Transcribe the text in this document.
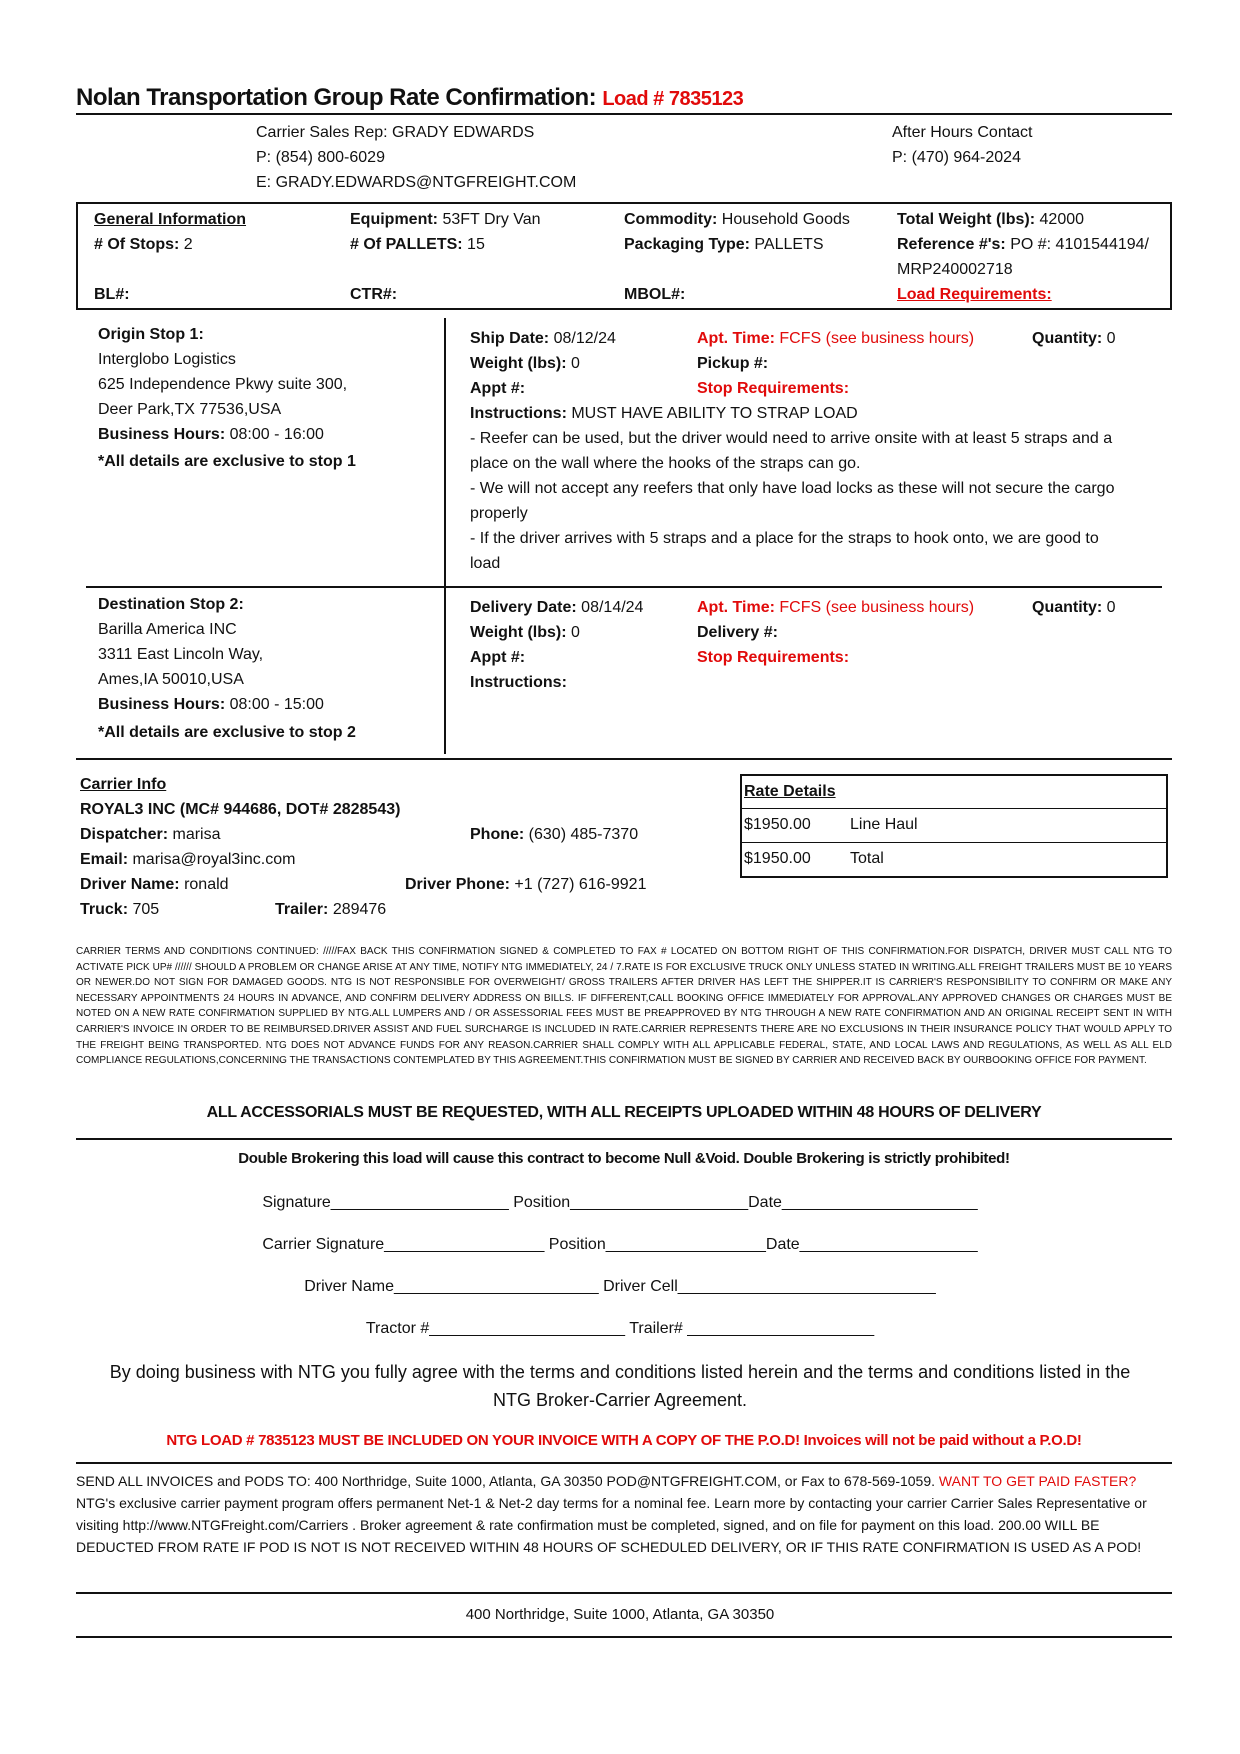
Nolan Transportation Group Rate Confirmation: Load # 7835123
Carrier Sales Rep: GRADY EDWARDS
P: (854) 800-6029
E: GRADY.EDWARDS@NTGFREIGHT.COM
After Hours Contact
P: (470) 964-2024
General Information
# Of Stops: 2
BL#:
Equipment: 53FT Dry Van
# Of PALLETS: 15
CTR#:
Commodity: Household Goods
Packaging Type: PALLETS
MBOL#:
Total Weight (lbs): 42000
Reference #'s: PO #: 4101544194/
MRP240002718
Load Requirements:
Origin Stop 1:
Interglobo Logistics
625 Independence Pkwy suite 300,
Deer Park,TX 77536,USA
Business Hours: 08:00 - 16:00
*All details are exclusive to stop 1
Ship Date: 08/12/24
Weight (lbs): 0
Appt #:
Instructions: MUST HAVE ABILITY TO STRAP LOAD
- Reefer can be used, but the driver would need to arrive onsite with at least 5 straps and a
place on the wall where the hooks of the straps can go.
- We will not accept any reefers that only have load locks as these will not secure the cargo
properly
- If the driver arrives with 5 straps and a place for the straps to hook onto, we are good to
load
Apt. Time: FCFS (see business hours)
Pickup #:
Stop Requirements:
Quantity: 0
Destination Stop 2:
Barilla America INC
3311 East Lincoln Way,
Ames,IA 50010,USA
Business Hours: 08:00 - 15:00
*All details are exclusive to stop 2
Delivery Date: 08/14/24
Weight (lbs): 0
Appt #:
Instructions:
Apt. Time: FCFS (see business hours)
Delivery #:
Stop Requirements:
Quantity: 0
Carrier Info
ROYAL3 INC (MC# 944686, DOT# 2828543)
Dispatcher: marisa
Email: marisa@royal3inc.com
Driver Name: ronald
Truck: 705
Phone: (630) 485-7370
Driver Phone: +1 (727) 616-9921
Trailer: 289476
Rate Details
$1950.00 Line Haul
$1950.00 Total
CARRIER TERMS AND CONDITIONS CONTINUED: /////FAX BACK THIS CONFIRMATION SIGNED & COMPLETED TO FAX # LOCATED ON BOTTOM RIGHT OF THIS CONFIRMATION.FOR DISPATCH, DRIVER MUST CALL NTG TO ACTIVATE PICK UP# ////// SHOULD A PROBLEM OR CHANGE ARISE AT ANY TIME, NOTIFY NTG IMMEDIATELY, 24 / 7.RATE IS FOR EXCLUSIVE TRUCK ONLY UNLESS STATED IN WRITING.ALL FREIGHT TRAILERS MUST BE 10 YEARS OR NEWER.DO NOT SIGN FOR DAMAGED GOODS. NTG IS NOT RESPONSIBLE FOR OVERWEIGHT/ GROSS TRAILERS AFTER DRIVER HAS LEFT THE SHIPPER.IT IS CARRIER'S RESPONSIBILITY TO CONFIRM OR MAKE ANY NECESSARY APPOINTMENTS 24 HOURS IN ADVANCE, AND CONFIRM DELIVERY ADDRESS ON BILLS. IF DIFFERENT,CALL BOOKING OFFICE IMMEDIATELY FOR APPROVAL.ANY APPROVED CHANGES OR CHARGES MUST BE NOTED ON A NEW RATE CONFIRMATION SUPPLIED BY NTG.ALL LUMPERS AND / OR ASSESSORIAL FEES MUST BE PREAPPROVED BY NTG THROUGH A NEW RATE CONFIRMATION AND AN ORIGINAL RECEIPT SENT IN WITH CARRIER'S INVOICE IN ORDER TO BE REIMBURSED.DRIVER ASSIST AND FUEL SURCHARGE IS INCLUDED IN RATE.CARRIER REPRESENTS THERE ARE NO EXCLUSIONS IN THEIR INSURANCE POLICY THAT WOULD APPLY TO THE FREIGHT BEING TRANSPORTED. NTG DOES NOT ADVANCE FUNDS FOR ANY REASON.CARRIER SHALL COMPLY WITH ALL APPLICABLE FEDERAL, STATE, AND LOCAL LAWS AND REGULATIONS, AS WELL AS ALL ELD COMPLIANCE REGULATIONS,CONCERNING THE TRANSACTIONS CONTEMPLATED BY THIS AGREEMENT.THIS CONFIRMATION MUST BE SIGNED BY CARRIER AND RECEIVED BACK BY OURBOOKING OFFICE FOR PAYMENT.
ALL ACCESSORIALS MUST BE REQUESTED, WITH ALL RECEIPTS UPLOADED WITHIN 48 HOURS OF DELIVERY
Double Brokering this load will cause this contract to become Null &Void. Double Brokering is strictly prohibited!
Signature____________________ Position____________________Date______________________
Carrier Signature__________________ Position__________________Date____________________
Driver Name_______________________ Driver Cell_____________________________
Tractor #______________________ Trailer# _____________________
By doing business with NTG you fully agree with the terms and conditions listed herein and the terms and conditions listed in the
NTG Broker-Carrier Agreement.
NTG LOAD # 7835123 MUST BE INCLUDED ON YOUR INVOICE WITH A COPY OF THE P.O.D! Invoices will not be paid without a P.O.D!
SEND ALL INVOICES and PODS TO: 400 Northridge, Suite 1000, Atlanta, GA 30350 POD@NTGFREIGHT.COM, or Fax to 678-569-1059. WANT TO GET PAID FASTER? NTG's exclusive carrier payment program offers permanent Net-1 & Net-2 day terms for a nominal fee. Learn more by contacting your carrier Carrier Sales Representative or visiting http://www.NTGFreight.com/Carriers . Broker agreement & rate confirmation must be completed, signed, and on file for payment on this load. 200.00 WILL BE DEDUCTED FROM RATE IF POD IS NOT IS NOT RECEIVED WITHIN 48 HOURS OF SCHEDULED DELIVERY, OR IF THIS RATE CONFIRMATION IS USED AS A POD!
400 Northridge, Suite 1000, Atlanta, GA 30350
